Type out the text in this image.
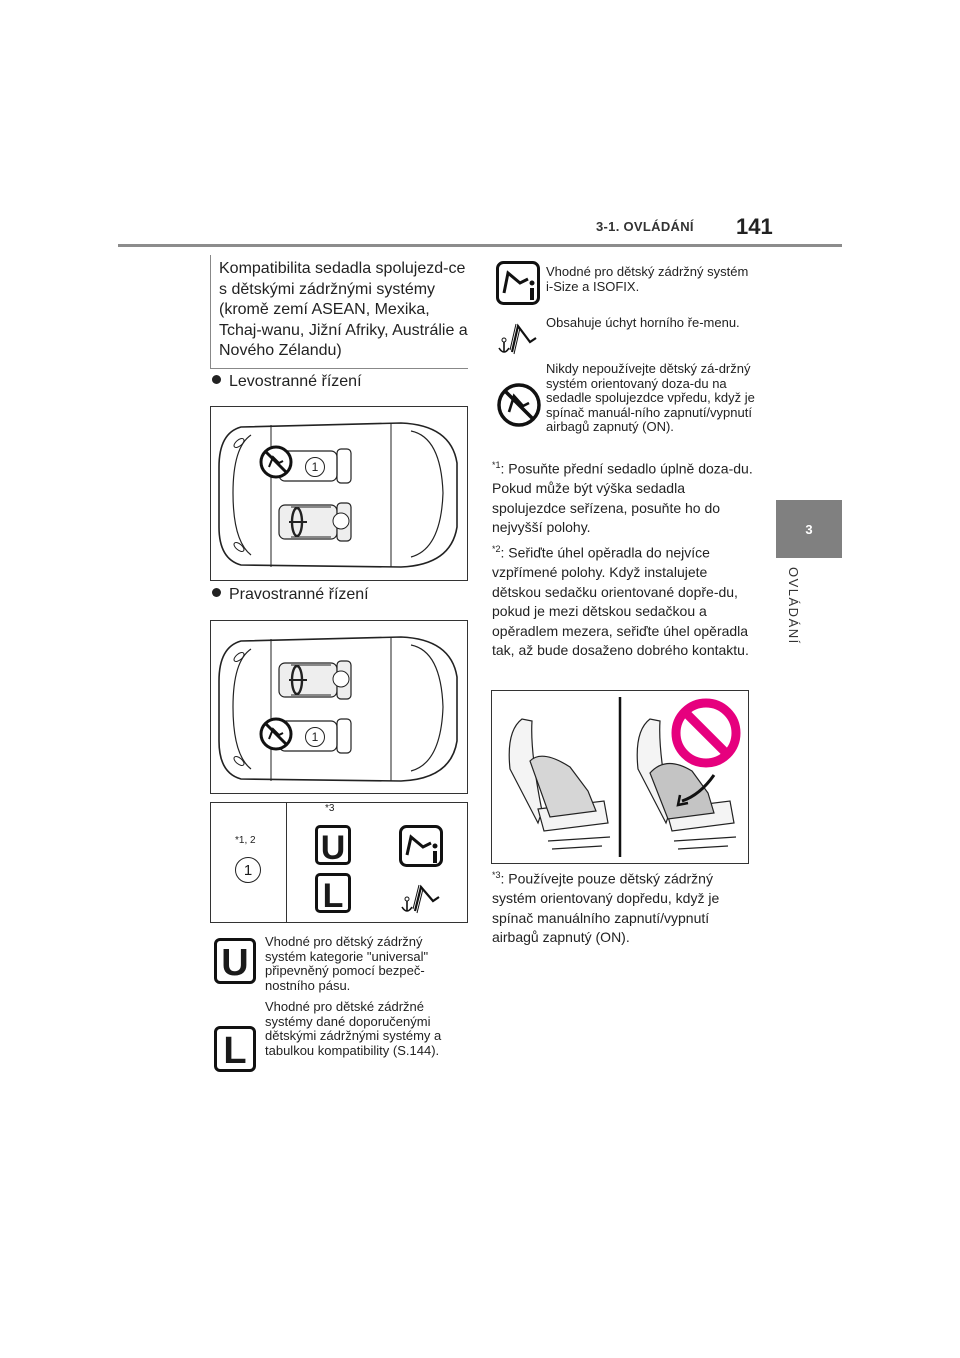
3-1. OVLÁDÁNÍ 141
3
OVLÁDÁNÍ
Kompatibilita sedadla spolujezd-ce s dětskými zádržnými systémy (kromě zemí ASEAN, Mexika, Tchaj-wanu, Jižní Afriky, Austrálie a Nového Zélandu)
Levostranné řízení
1
Pravostranné řízení
1
*1, 2
1
*3
U
L
U
Vhodné pro dětský zádržný systém kategorie "universal" připevněný pomocí bezpeč-nostního pásu.
L
Vhodné pro dětské zádržné systémy dané doporučenými dětskými zádržnými systémy a tabulkou kompatibility (S.144).
Vhodné pro dětský zádržný systém i-Size a ISOFIX.
Obsahuje úchyt horního ře-menu.
Nikdy nepoužívejte dětský zá-držný systém orientovaný doza-du na sedadle spolujezdce vpředu, když je spínač manuál-ního zapnutí/vypnutí airbagů zapnutý (ON).
$^{*1}$: Posuňte přední sedadlo úplně doza-du. Pokud může být výška sedadla spolujezdce seřízena, posuňte ho do nejvyšší polohy.
$^{*2}$: Seřiďte úhel opěradla do nejvíce vzpřímené polohy. Když instalujete dětskou sedačku orientované dopře-du, pokud je mezi dětskou sedačkou a opěradlem mezera, seřiďte úhel opěradla tak, až bude dosaženo dobrého kontaktu.
$^{*3}$: Používejte pouze dětský zádržný systém orientovaný dopředu, když je spínač manuálního zapnutí/vypnutí airbagů zapnutý (ON).
